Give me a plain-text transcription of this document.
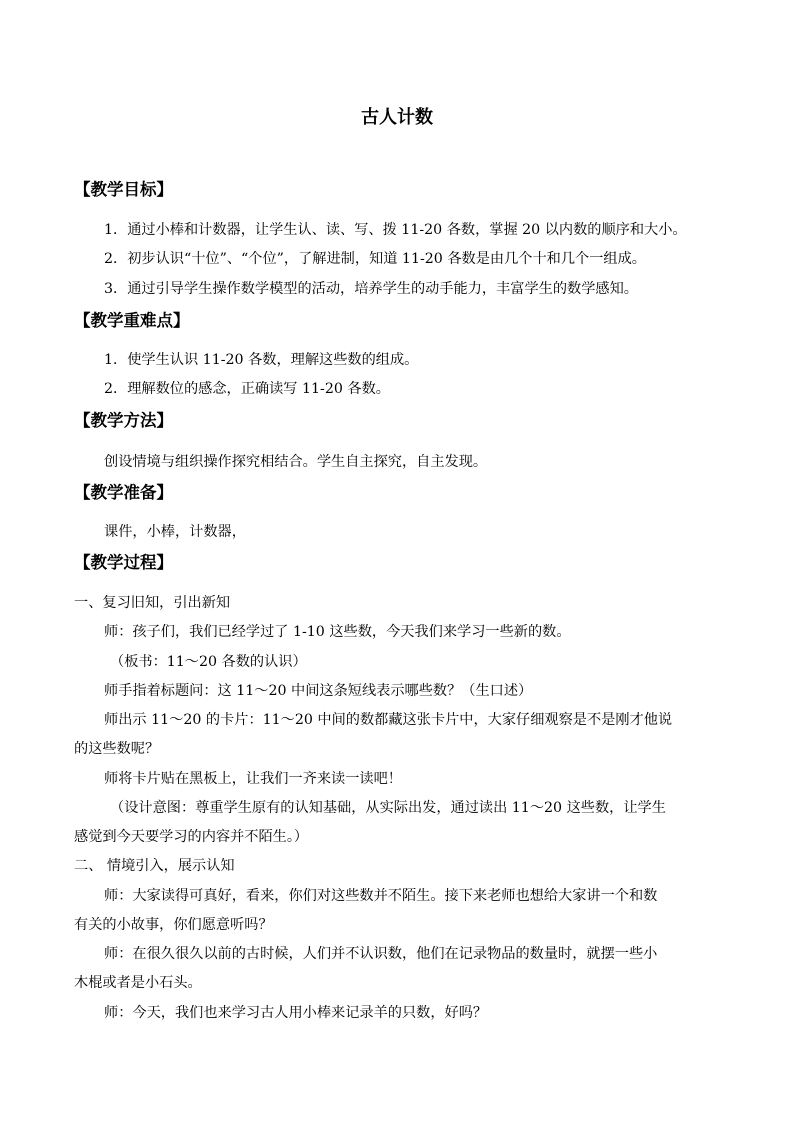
古人计数
【教学目标】
1．通过小棒和计数器，让学生认、读、写、拨 11-20 各数，掌握 20 以内数的顺序和大小。
2．初步认识“十位”、“个位”，了解进制，知道 11-20 各数是由几个十和几个一组成。
3．通过引导学生操作数学模型的活动，培养学生的动手能力，丰富学生的数学感知。
【教学重难点】
1．使学生认识 11-20 各数，理解这些数的组成。
2．理解数位的感念，正确读写 11-20 各数。
【教学方法】
创设情境与组织操作探究相结合。学生自主探究，自主发现。
【教学准备】
课件，小棒，计数器，
【教学过程】
一、复习旧知，引出新知
师：孩子们，我们已经学过了 1-10 这些数，今天我们来学习一些新的数。
（板书：11～20 各数的认识）
师手指着标题问：这 11～20 中间这条短线表示哪些数？（生口述）
师出示 11～20 的卡片：11～20 中间的数都藏这张卡片中，大家仔细观察是不是刚才他说
的这些数呢？
师将卡片贴在黑板上，让我们一齐来读一读吧！
（设计意图：尊重学生原有的认知基础，从实际出发，通过读出 11～20 这些数，让学生
感觉到今天要学习的内容并不陌生。）
二、 情境引入，展示认知
师：大家读得可真好，看来，你们对这些数并不陌生。接下来老师也想给大家讲一个和数
有关的小故事，你们愿意听吗？
师：在很久很久以前的古时候，人们并不认识数，他们在记录物品的数量时，就摆一些小
木棍或者是小石头。
师：今天，我们也来学习古人用小棒来记录羊的只数，好吗？
